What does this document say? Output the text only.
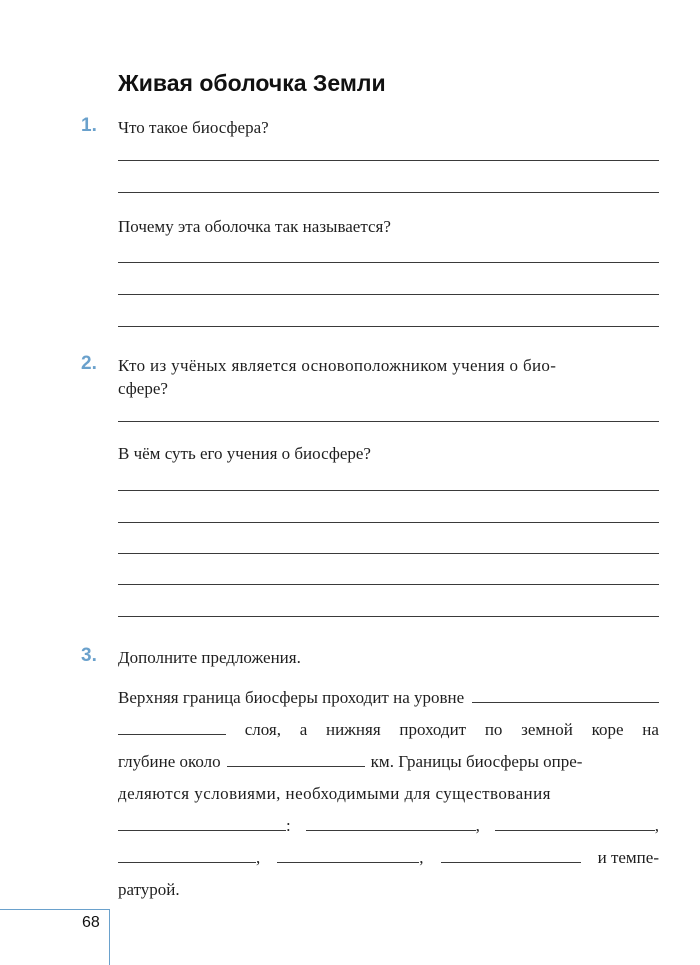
Живая оболочка Земли
1. Что такое биосфера?
Почему эта оболочка так называется?
2. Кто из учёных является основоположником учения о био-
сфере?
В чём суть его учения о биосфере?
3. Дополните предложения.
Верхняя граница биосферы проходит на уровне
слоя, а нижняя проходит по земной коре на
глубине около	км. Границы биосферы опре-
деляются условиями, необходимыми для существования
:	,	,
,	,	и темпе-
ратурой.
68
